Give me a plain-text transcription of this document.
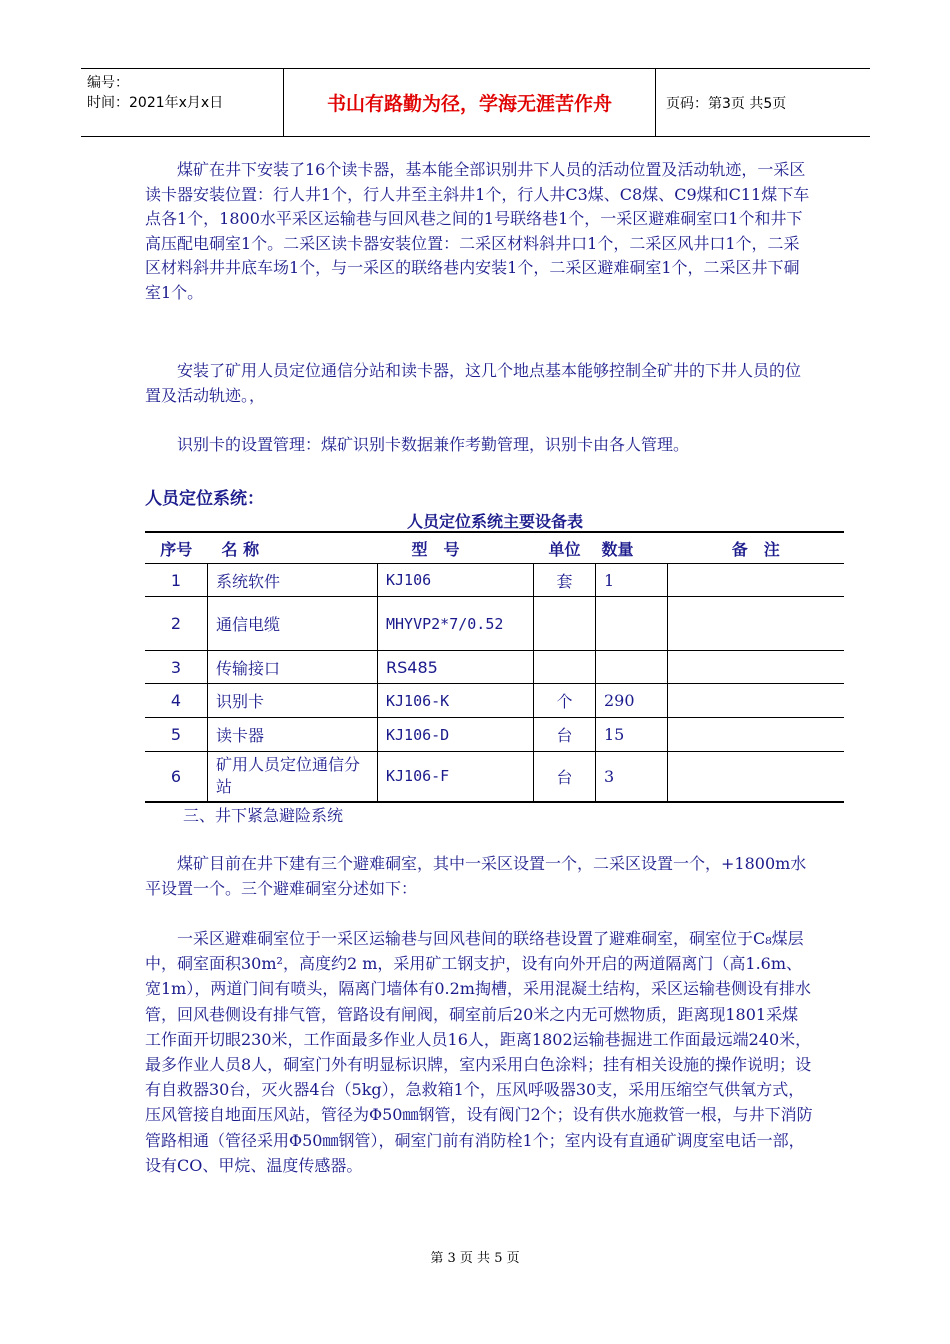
编号：
时间：2021年x月x日	书山有路勤为径，学海无涯苦作舟	页码：第3页 共5页

煤矿在井下安装了16个读卡器，基本能全部识别井下人员的活动位置及活动轨迹，一采区读卡器安装位置：行人井1个，行人井至主斜井1个，行人井C3煤、C8煤、C9煤和C11煤下车点各1个，1800水平采区运输巷与回风巷之间的1号联络巷1个，一采区避难硐室口1个和井下高压配电硐室1个。二采区读卡器安装位置：二采区材料斜井口1个，二采区风井口1个，二采区材料斜井井底车场1个，与一采区的联络巷内安装1个，二采区避难硐室1个，二采区井下硐室1个。

安装了矿用人员定位通信分站和读卡器，这几个地点基本能够控制全矿井的下井人员的位置及活动轨迹。，

识别卡的设置管理：煤矿识别卡数据兼作考勤管理，识别卡由各人管理。

人员定位系统：

人员定位系统主要设备表
序号	名 称	型　号	单位	数量	备　注
1	系统软件	KJ106	套	1	
2	通信电缆	MHYVP2*7/0.52			
3	传输接口	RS485			
4	识别卡	KJ106-K	个	290	
5	读卡器	KJ106-D	台	15	
6	矿用人员定位通信分站	KJ106-F	台	3	

三、井下紧急避险系统

煤矿目前在井下建有三个避难硐室，其中一采区设置一个，二采区设置一个，+1800m水平设置一个。三个避难硐室分述如下：

一采区避难硐室位于一采区运输巷与回风巷间的联络巷设置了避难硐室，硐室位于C₈煤层中，硐室面积30m²，高度约2 m，采用矿工钢支护，设有向外开启的两道隔离门（高1.6m、宽1m），两道门间有喷头，隔离门墙体有0.2m掏槽，采用混凝土结构，采区运输巷侧设有排水管，回风巷侧设有排气管，管路设有闸阀，硐室前后20米之内无可燃物质，距离现1801采煤工作面开切眼230米，工作面最多作业人员16人，距离1802运输巷掘进工作面最远端240米，最多作业人员8人，硐室门外有明显标识牌，室内采用白色涂料；挂有相关设施的操作说明；设有自救器30台，灭火器4台（5kg），急救箱1个，压风呼吸器30支，采用压缩空气供氧方式，压风管接自地面压风站，管径为Φ50㎜钢管，设有阀门2个；设有供水施救管一根，与井下消防管路相通（管径采用Φ50㎜钢管），硐室门前有消防栓1个；室内设有直通矿调度室电话一部，设有CO、甲烷、温度传感器。

第 3 页 共 5 页
